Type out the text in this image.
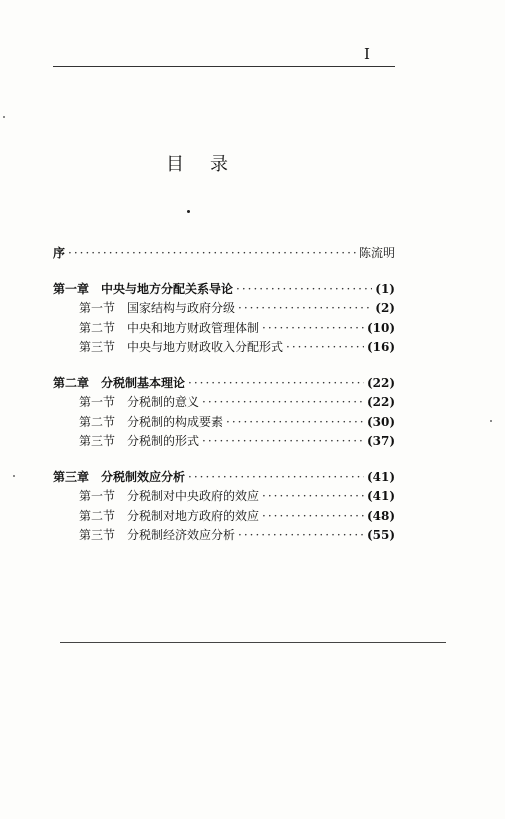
I
目录
序 ·····	陈流明
第一章 中央与地方分配关系导论 ·····	(1)
第一节 国家结构与政府分级 ·····	(2)
第二节 中央和地方财政管理体制 ·····	(10)
第三节 中央与地方财政收入分配形式 ·····	(16)
第二章 分税制基本理论 ·····	(22)
第一节 分税制的意义 ·····	(22)
第二节 分税制的构成要素 ·····	(30)
第三节 分税制的形式 ·····	(37)
第三章 分税制效应分析 ·····	(41)
第一节 分税制对中央政府的效应 ·····	(41)
第二节 分税制对地方政府的效应 ·····	(48)
第三节 分税制经济效应分析 ·····	(55)
